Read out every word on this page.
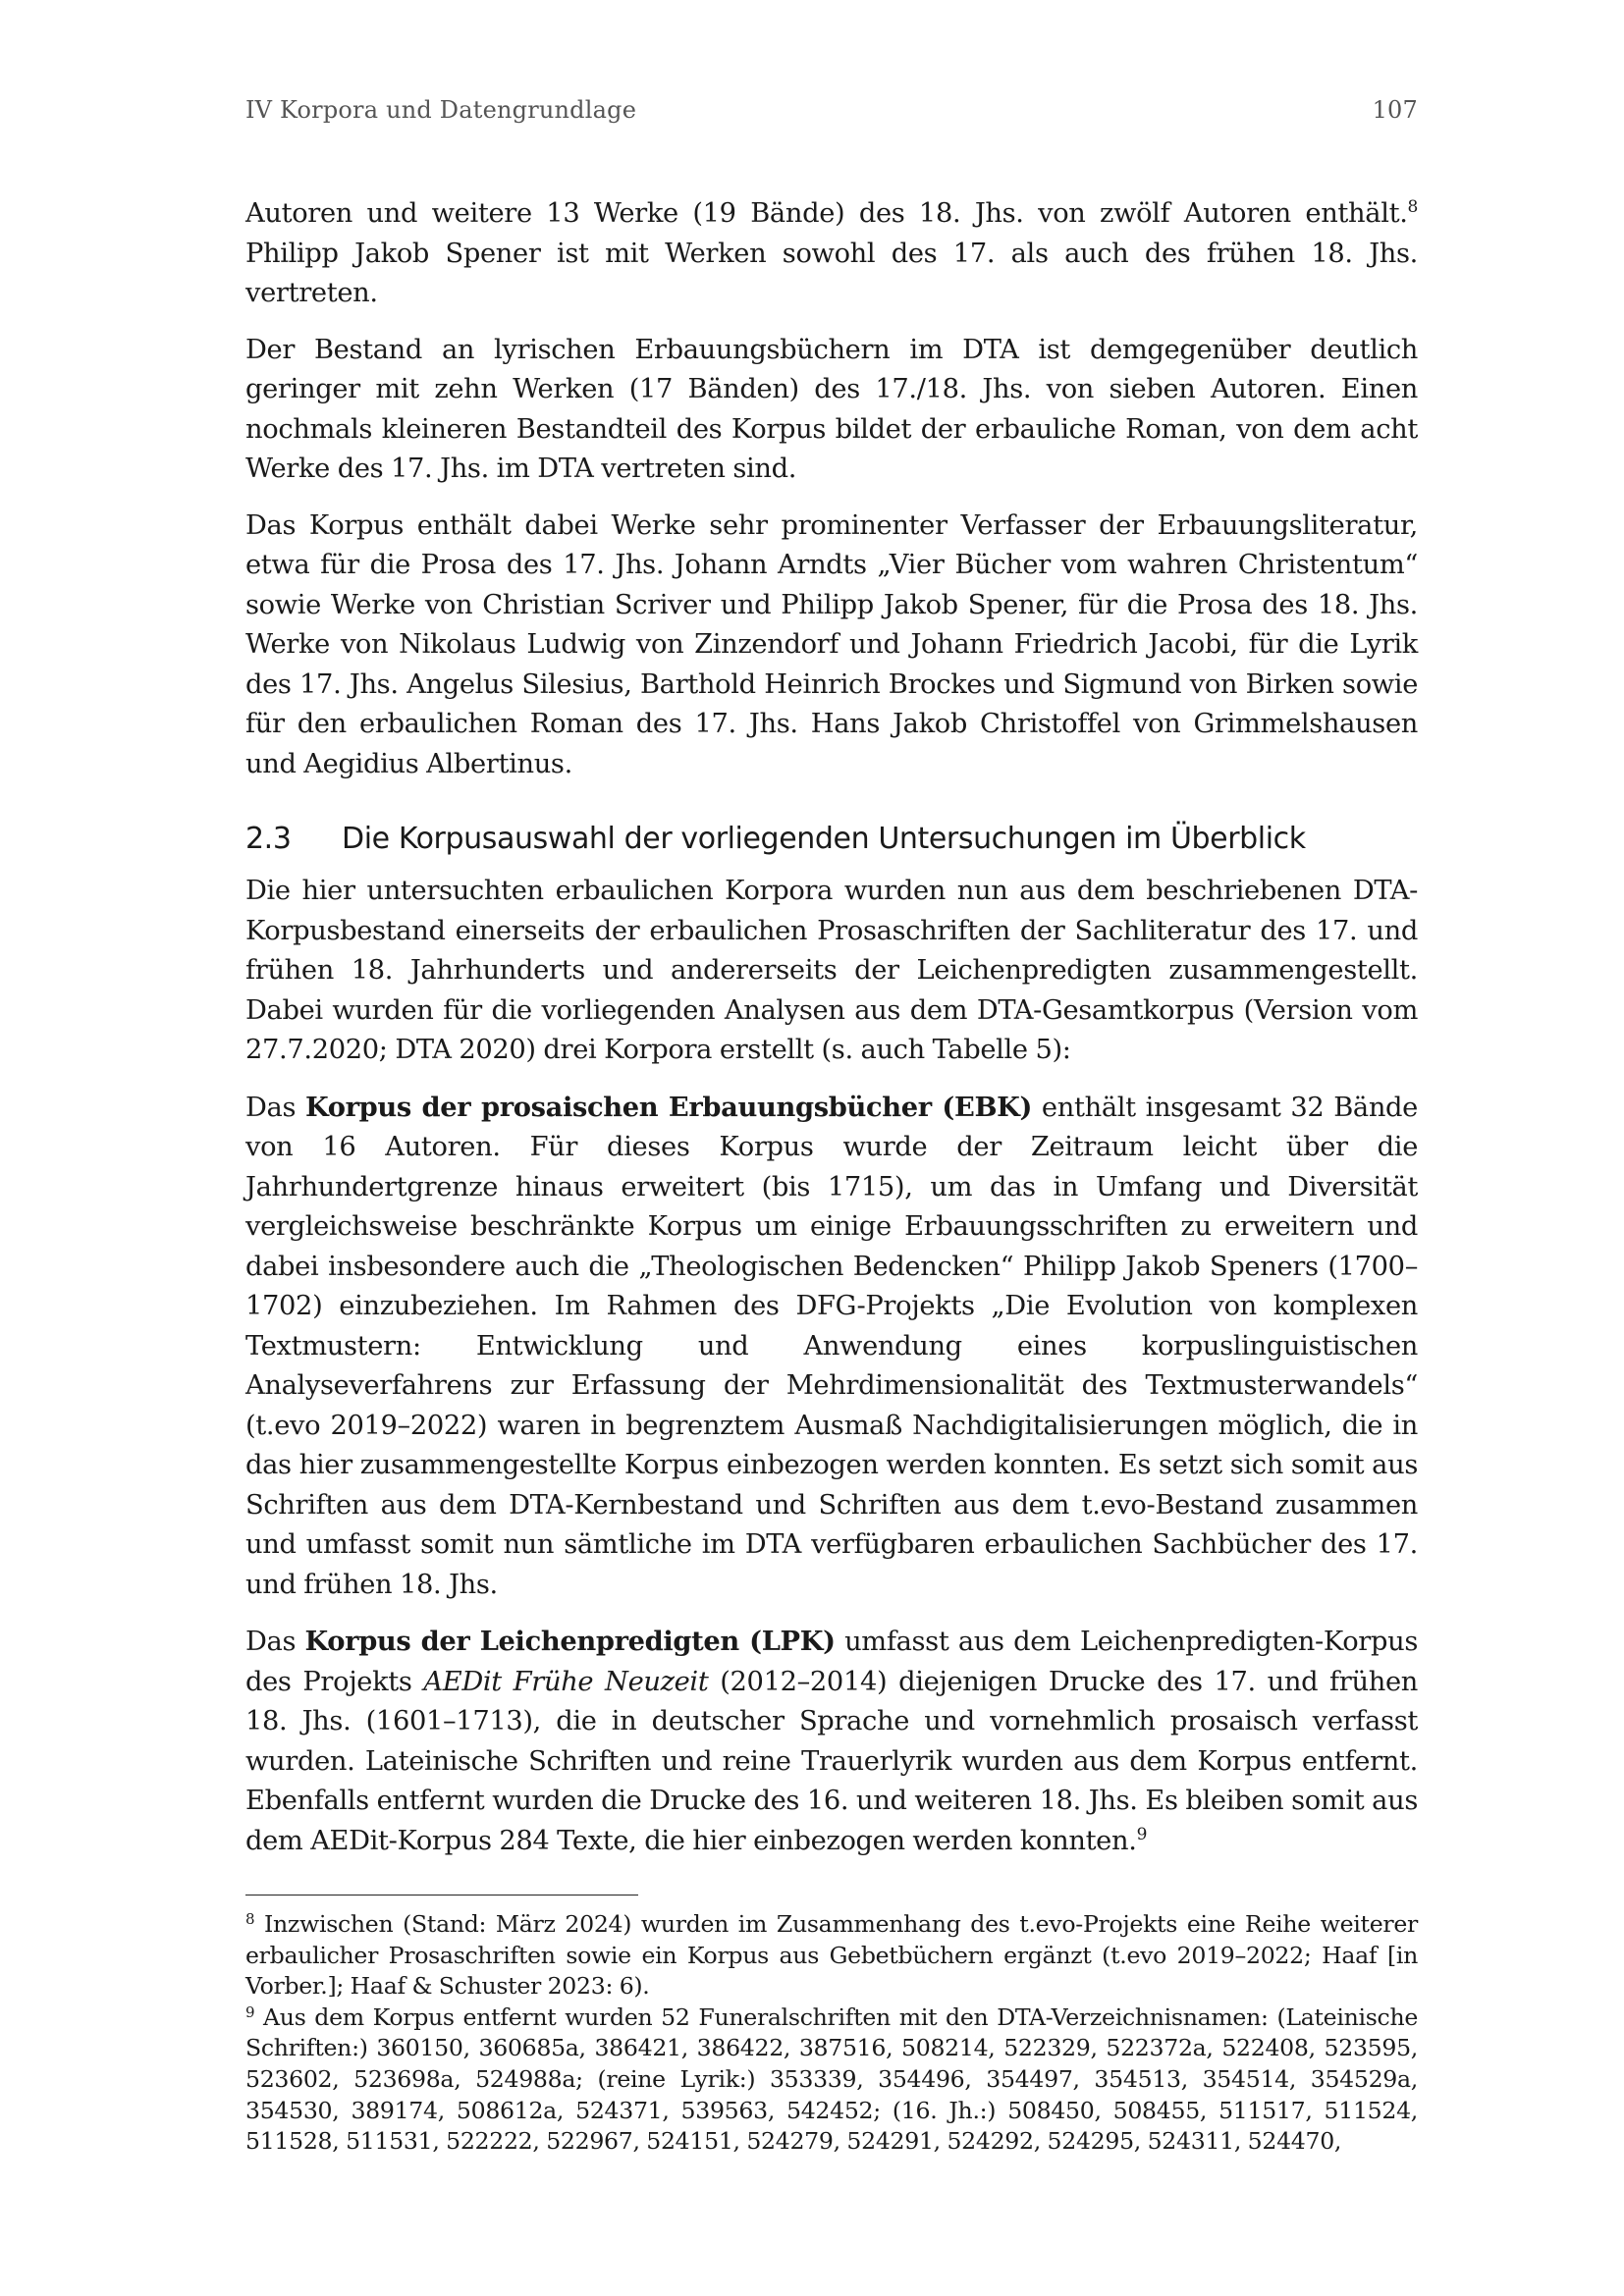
IV Korpora und Datengrundlage	107

Autoren und weitere 13 Werke (19 Bände) des 18. Jhs. von zwölf Autoren enthält.$^8$ Philipp Jakob Spener ist mit Werken sowohl des 17. als auch des frühen 18. Jhs. vertreten.

Der Bestand an lyrischen Erbauungsbüchern im DTA ist demgegenüber deutlich geringer mit zehn Werken (17 Bänden) des 17./18. Jhs. von sieben Autoren. Einen nochmals kleineren Bestandteil des Korpus bildet der erbauliche Roman, von dem acht Werke des 17. Jhs. im DTA vertreten sind.

Das Korpus enthält dabei Werke sehr prominenter Verfasser der Erbauungsliteratur, etwa für die Prosa des 17. Jhs. Johann Arndts „Vier Bücher vom wahren Christentum“ sowie Werke von Christian Scriver und Philipp Jakob Spener, für die Prosa des 18. Jhs. Werke von Nikolaus Ludwig von Zinzendorf und Johann Friedrich Jacobi, für die Lyrik des 17. Jhs. Angelus Silesius, Barthold Heinrich Brockes und Sigmund von Birken sowie für den erbaulichen Roman des 17. Jhs. Hans Jakob Christoffel von Grimmelshausen und Aegidius Albertinus.

2.3	Die Korpusauswahl der vorliegenden Untersuchungen im Überblick

Die hier untersuchten erbaulichen Korpora wurden nun aus dem beschriebenen DTA-Korpusbestand einerseits der erbaulichen Prosaschriften der Sachliteratur des 17. und frühen 18. Jahrhunderts und andererseits der Leichenpredigten zusammengestellt. Dabei wurden für die vorliegenden Analysen aus dem DTA-Gesamtkorpus (Version vom 27.7.2020; DTA 2020) drei Korpora erstellt (s. auch Tabelle 5):

Das Korpus der prosaischen Erbauungsbücher (EBK) enthält insgesamt 32 Bände von 16 Autoren. Für dieses Korpus wurde der Zeitraum leicht über die Jahrhundertgrenze hinaus erweitert (bis 1715), um das in Umfang und Diversität vergleichsweise beschränkte Korpus um einige Erbauungsschriften zu erweitern und dabei insbesondere auch die „Theologischen Bedencken“ Philipp Jakob Speners (1700–1702) einzubeziehen. Im Rahmen des DFG-Projekts „Die Evolution von komplexen Textmustern: Entwicklung und Anwendung eines korpuslinguistischen Analyseverfahrens zur Erfassung der Mehrdimensionalität des Textmusterwandels“ (t.evo 2019–2022) waren in begrenztem Ausmaß Nachdigitalisierungen möglich, die in das hier zusammengestellte Korpus einbezogen werden konnten. Es setzt sich somit aus Schriften aus dem DTA-Kernbestand und Schriften aus dem t.evo-Bestand zusammen und umfasst somit nun sämtliche im DTA verfügbaren erbaulichen Sachbücher des 17. und frühen 18. Jhs.

Das Korpus der Leichenpredigten (LPK) umfasst aus dem Leichenpredigten-Korpus des Projekts AEDit Frühe Neuzeit (2012–2014) diejenigen Drucke des 17. und frühen 18. Jhs. (1601–1713), die in deutscher Sprache und vornehmlich prosaisch verfasst wurden. Lateinische Schriften und reine Trauerlyrik wurden aus dem Korpus entfernt. Ebenfalls entfernt wurden die Drucke des 16. und weiteren 18. Jhs. Es bleiben somit aus dem AEDit-Korpus 284 Texte, die hier einbezogen werden konnten.$^9$

$^8$ Inzwischen (Stand: März 2024) wurden im Zusammenhang des t.evo-Projekts eine Reihe weiterer erbaulicher Prosaschriften sowie ein Korpus aus Gebetbüchern ergänzt (t.evo 2019–2022; Haaf [in Vorber.]; Haaf & Schuster 2023: 6).

$^9$ Aus dem Korpus entfernt wurden 52 Funeralschriften mit den DTA-Verzeichnisnamen: (Lateinische Schriften:) 360150, 360685a, 386421, 386422, 387516, 508214, 522329, 522372a, 522408, 523595, 523602, 523698a, 524988a; (reine Lyrik:) 353339, 354496, 354497, 354513, 354514, 354529a, 354530, 389174, 508612a, 524371, 539563, 542452; (16. Jh.:) 508450, 508455, 511517, 511524, 511528, 511531, 522222, 522967, 524151, 524279, 524291, 524292, 524295, 524311, 524470,
